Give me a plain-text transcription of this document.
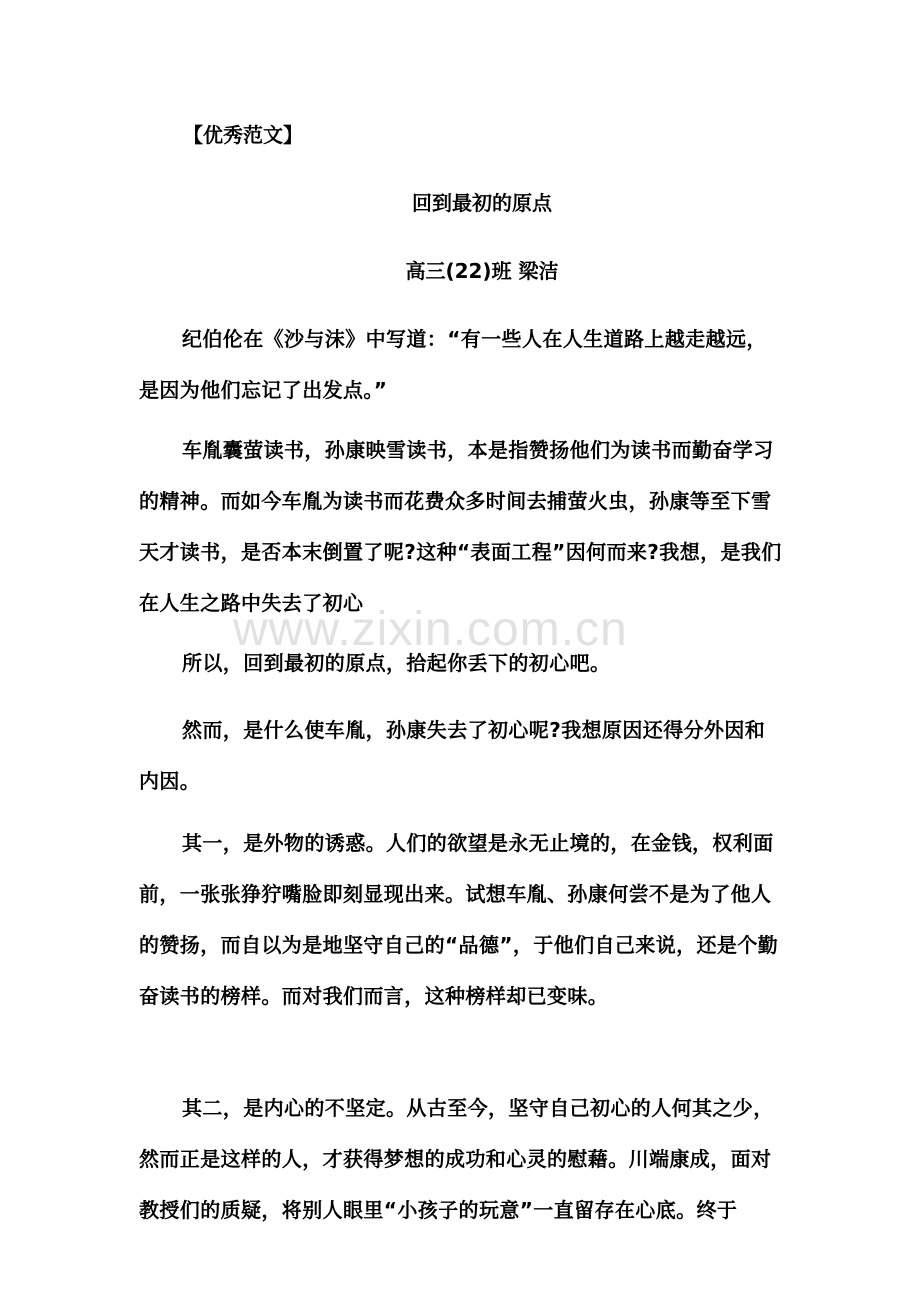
【优秀范文】
回到最初的原点
高三(22)班 梁洁

纪伯伦在《沙与沫》中写道：“有一些人在人生道路上越走越远，是因为他们忘记了出发点。”

车胤囊萤读书，孙康映雪读书，本是指赞扬他们为读书而勤奋学习的精神。而如今车胤为读书而花费众多时间去捕萤火虫，孙康等至下雪天才读书，是否本末倒置了呢?这种“表面工程”因何而来?我想，是我们在人生之路中失去了初心

所以，回到最初的原点，拾起你丢下的初心吧。

然而，是什么使车胤，孙康失去了初心呢?我想原因还得分外因和内因。

其一，是外物的诱惑。人们的欲望是永无止境的，在金钱，权利面前，一张张狰狞嘴脸即刻显现出来。试想车胤、孙康何尝不是为了他人的赞扬，而自以为是地坚守自己的“品德”，于他们自己来说，还是个勤奋读书的榜样。而对我们而言，这种榜样却已变味。

其二，是内心的不坚定。从古至今，坚守自己初心的人何其之少，然而正是这样的人，才获得梦想的成功和心灵的慰藉。川端康成，面对教授们的质疑，将别人眼里“小孩子的玩意”一直留存在心底。终于

www.zixin.com.cn
